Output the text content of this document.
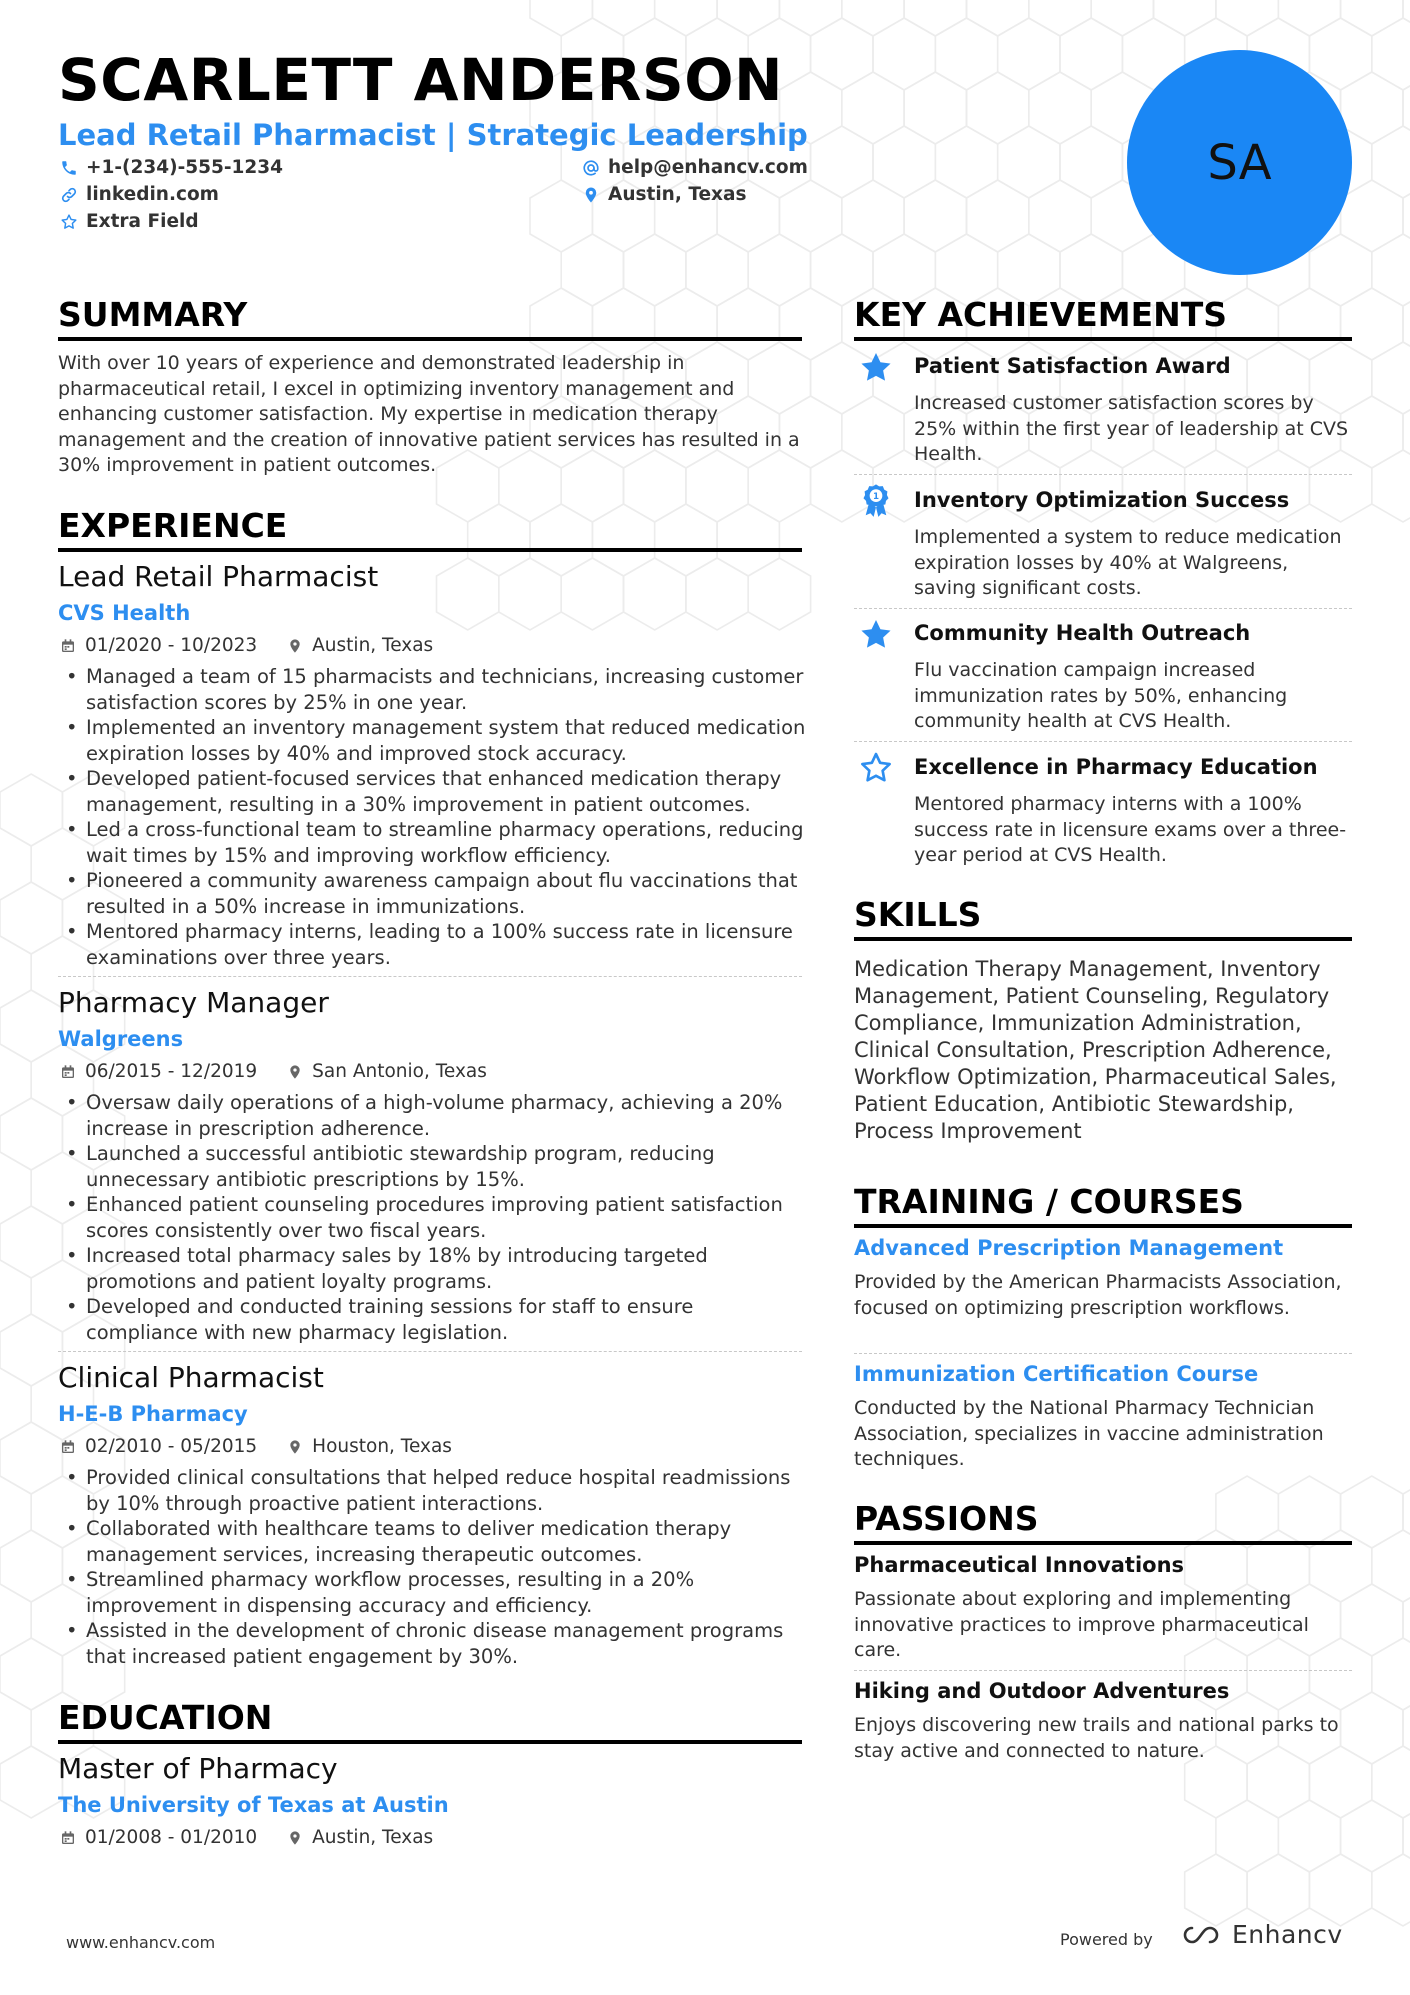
SCARLETT ANDERSON
Lead Retail Pharmacist | Strategic Leadership
+1-(234)-555-1234	help@enhancv.com
linkedin.com	Austin, Texas
Extra Field
SA
SUMMARY
With over 10 years of experience and demonstrated leadership in pharmaceutical retail, I excel in optimizing inventory management and enhancing customer satisfaction. My expertise in medication therapy management and the creation of innovative patient services has resulted in a 30% improvement in patient outcomes.
EXPERIENCE
Lead Retail Pharmacist
CVS Health
01/2020 - 10/2023	Austin, Texas
• Managed a team of 15 pharmacists and technicians, increasing customer satisfaction scores by 25% in one year.
• Implemented an inventory management system that reduced medication expiration losses by 40% and improved stock accuracy.
• Developed patient-focused services that enhanced medication therapy management, resulting in a 30% improvement in patient outcomes.
• Led a cross-functional team to streamline pharmacy operations, reducing wait times by 15% and improving workflow efficiency.
• Pioneered a community awareness campaign about flu vaccinations that resulted in a 50% increase in immunizations.
• Mentored pharmacy interns, leading to a 100% success rate in licensure examinations over three years.
Pharmacy Manager
Walgreens
06/2015 - 12/2019	San Antonio, Texas
• Oversaw daily operations of a high-volume pharmacy, achieving a 20% increase in prescription adherence.
• Launched a successful antibiotic stewardship program, reducing unnecessary antibiotic prescriptions by 15%.
• Enhanced patient counseling procedures improving patient satisfaction scores consistently over two fiscal years.
• Increased total pharmacy sales by 18% by introducing targeted promotions and patient loyalty programs.
• Developed and conducted training sessions for staff to ensure compliance with new pharmacy legislation.
Clinical Pharmacist
H-E-B Pharmacy
02/2010 - 05/2015	Houston, Texas
• Provided clinical consultations that helped reduce hospital readmissions by 10% through proactive patient interactions.
• Collaborated with healthcare teams to deliver medication therapy management services, increasing therapeutic outcomes.
• Streamlined pharmacy workflow processes, resulting in a 20% improvement in dispensing accuracy and efficiency.
• Assisted in the development of chronic disease management programs that increased patient engagement by 30%.
EDUCATION
Master of Pharmacy
The University of Texas at Austin
01/2008 - 01/2010	Austin, Texas
KEY ACHIEVEMENTS
Patient Satisfaction Award
Increased customer satisfaction scores by 25% within the first year of leadership at CVS Health.
1 Inventory Optimization Success
Implemented a system to reduce medication expiration losses by 40% at Walgreens, saving significant costs.
Community Health Outreach
Flu vaccination campaign increased immunization rates by 50%, enhancing community health at CVS Health.
Excellence in Pharmacy Education
Mentored pharmacy interns with a 100% success rate in licensure exams over a three-year period at CVS Health.
SKILLS
Medication Therapy Management, Inventory Management, Patient Counseling, Regulatory Compliance, Immunization Administration, Clinical Consultation, Prescription Adherence, Workflow Optimization, Pharmaceutical Sales, Patient Education, Antibiotic Stewardship, Process Improvement
TRAINING / COURSES
Advanced Prescription Management
Provided by the American Pharmacists Association, focused on optimizing prescription workflows.
Immunization Certification Course
Conducted by the National Pharmacy Technician Association, specializes in vaccine administration techniques.
PASSIONS
Pharmaceutical Innovations
Passionate about exploring and implementing innovative practices to improve pharmaceutical care.
Hiking and Outdoor Adventures
Enjoys discovering new trails and national parks to stay active and connected to nature.
www.enhancv.com	Powered by	Enhancv
